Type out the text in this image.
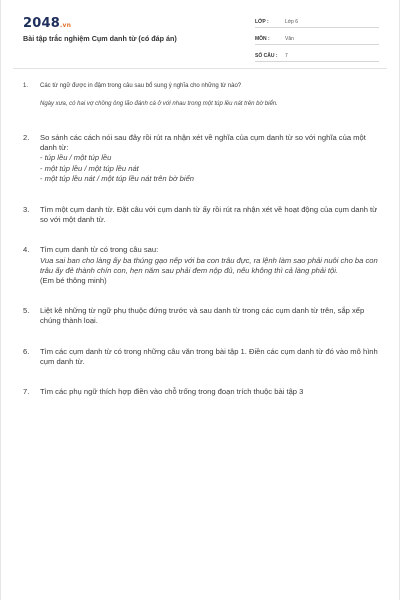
2048.vn
Bài tập trắc nghiệm Cụm danh từ (có đáp án)
LỚP :	Lớp 6
MÔN :	Văn
SỐ CÂU :	7
1. Các từ ngữ được in đậm trong câu sau bổ sung ý nghĩa cho những từ nào?

Ngày xưa, có hai vợ chồng ông lão đánh cá ở với nhau trong một túp lều nát trên bờ biển.

2. So sánh các cách nói sau đây rồi rút ra nhận xét về nghĩa của cụm danh từ so với nghĩa của một danh từ:

- túp lều / một túp lều
- một túp lều / một túp lều nát
- một túp lều nát / một túp lều nát trên bờ biển
3. Tìm một cụm danh từ. Đặt câu với cụm danh từ ấy rồi rút ra nhận xét về hoạt động của cụm danh từ so với một danh từ.

4. Tìm cụm danh từ có trong câu sau:

Vua sai ban cho làng ấy ba thúng gạo nếp với ba con trâu đực, ra lệnh làm sao phải nuôi cho ba con trâu ấy đẻ thành chín con, hẹn năm sau phải đem nộp đủ, nếu không thì cả làng phải tội.

(Em bé thông minh)

5. Liệt kê những từ ngữ phụ thuộc đứng trước và sau danh từ trong các cụm danh từ trên, sắp xếp chúng thành loại.

6. Tìm các cụm danh từ có trong những câu văn trong bài tập 1. Điền các cụm danh từ đó vào mô hình cụm danh từ.

7. Tìm các phụ ngữ thích hợp điền vào chỗ trống trong đoạn trích thuộc bài tập 3
